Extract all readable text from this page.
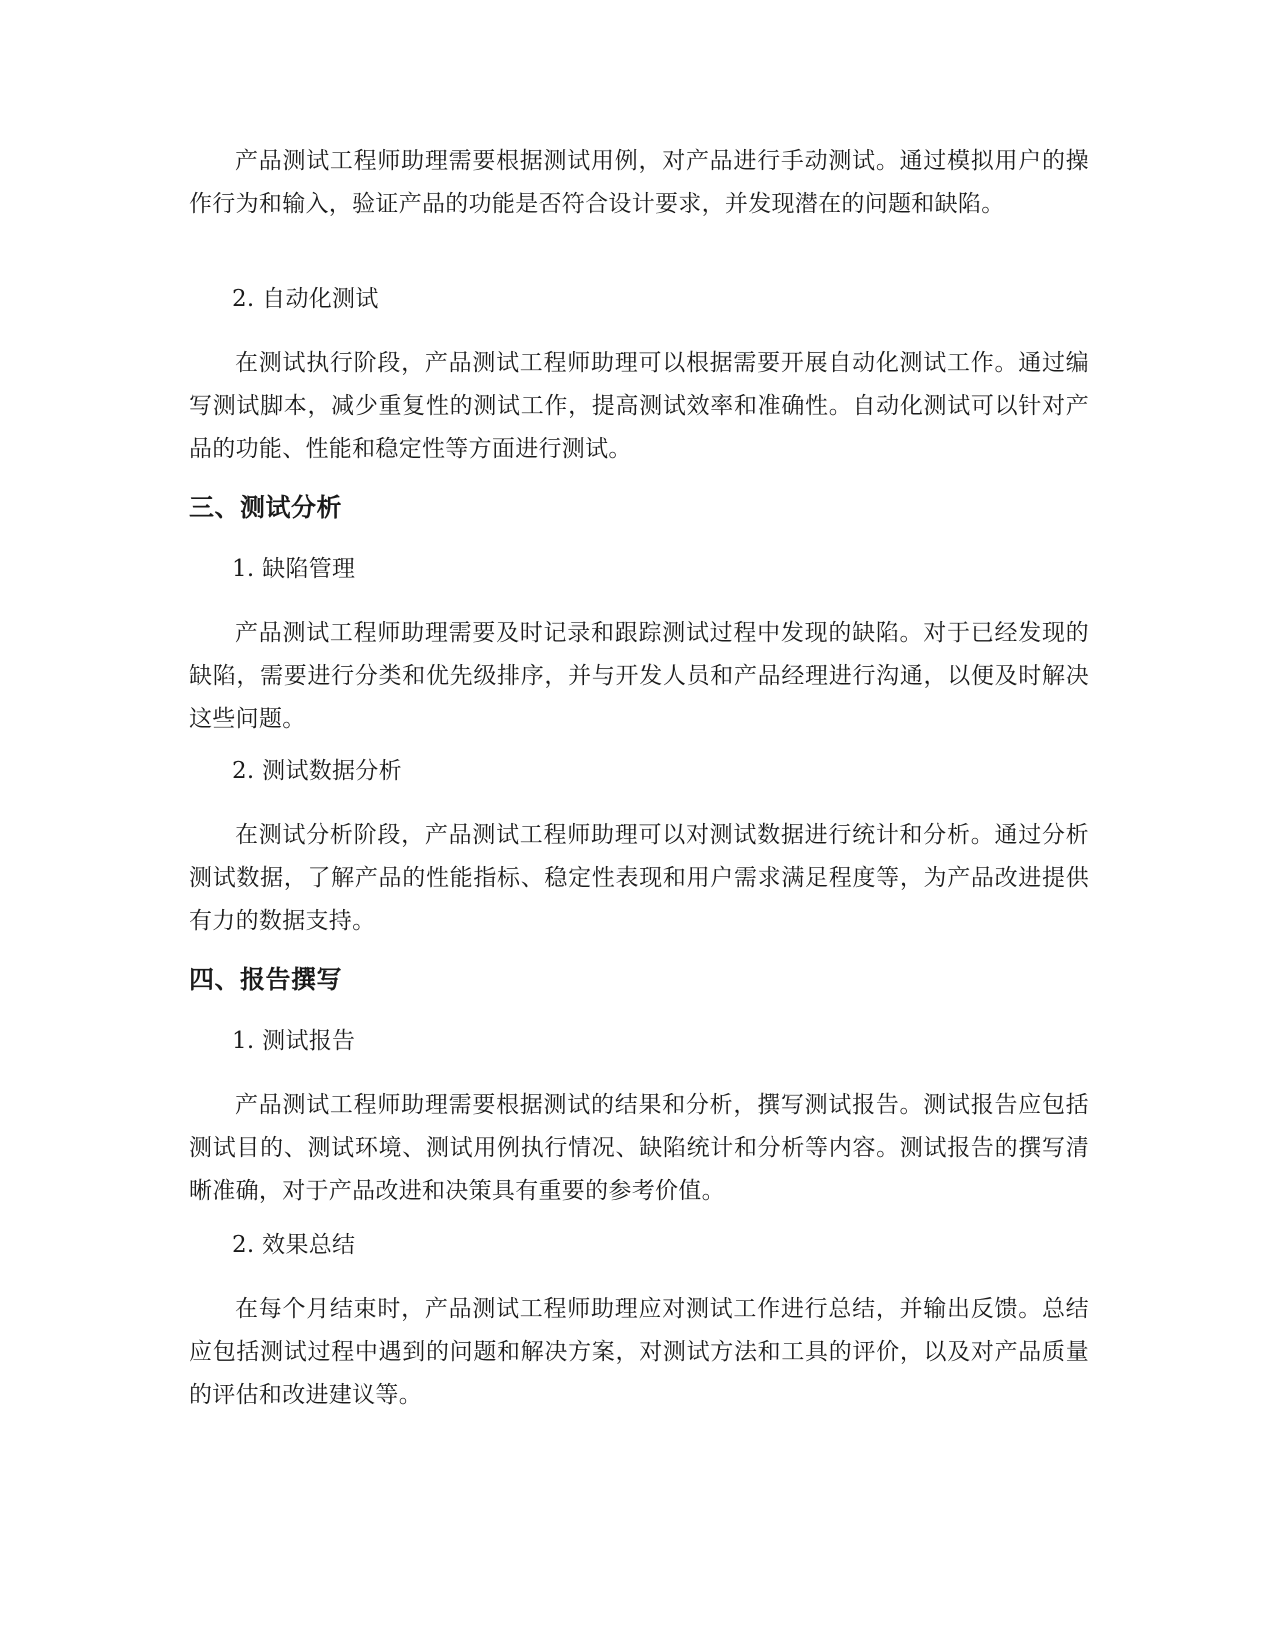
产品测试工程师助理需要根据测试用例，对产品进行手动测试。通过模拟用户的操作行为和输入，验证产品的功能是否符合设计要求，并发现潜在的问题和缺陷。

2. 自动化测试

在测试执行阶段，产品测试工程师助理可以根据需要开展自动化测试工作。通过编写测试脚本，减少重复性的测试工作，提高测试效率和准确性。自动化测试可以针对产品的功能、性能和稳定性等方面进行测试。

三、测试分析

1. 缺陷管理

产品测试工程师助理需要及时记录和跟踪测试过程中发现的缺陷。对于已经发现的缺陷，需要进行分类和优先级排序，并与开发人员和产品经理进行沟通，以便及时解决这些问题。

2. 测试数据分析

在测试分析阶段，产品测试工程师助理可以对测试数据进行统计和分析。通过分析测试数据，了解产品的性能指标、稳定性表现和用户需求满足程度等，为产品改进提供有力的数据支持。

四、报告撰写

1. 测试报告

产品测试工程师助理需要根据测试的结果和分析，撰写测试报告。测试报告应包括测试目的、测试环境、测试用例执行情况、缺陷统计和分析等内容。测试报告的撰写清晰准确，对于产品改进和决策具有重要的参考价值。

2. 效果总结

在每个月结束时，产品测试工程师助理应对测试工作进行总结，并输出反馈。总结应包括测试过程中遇到的问题和解决方案，对测试方法和工具的评价，以及对产品质量的评估和改进建议等。
